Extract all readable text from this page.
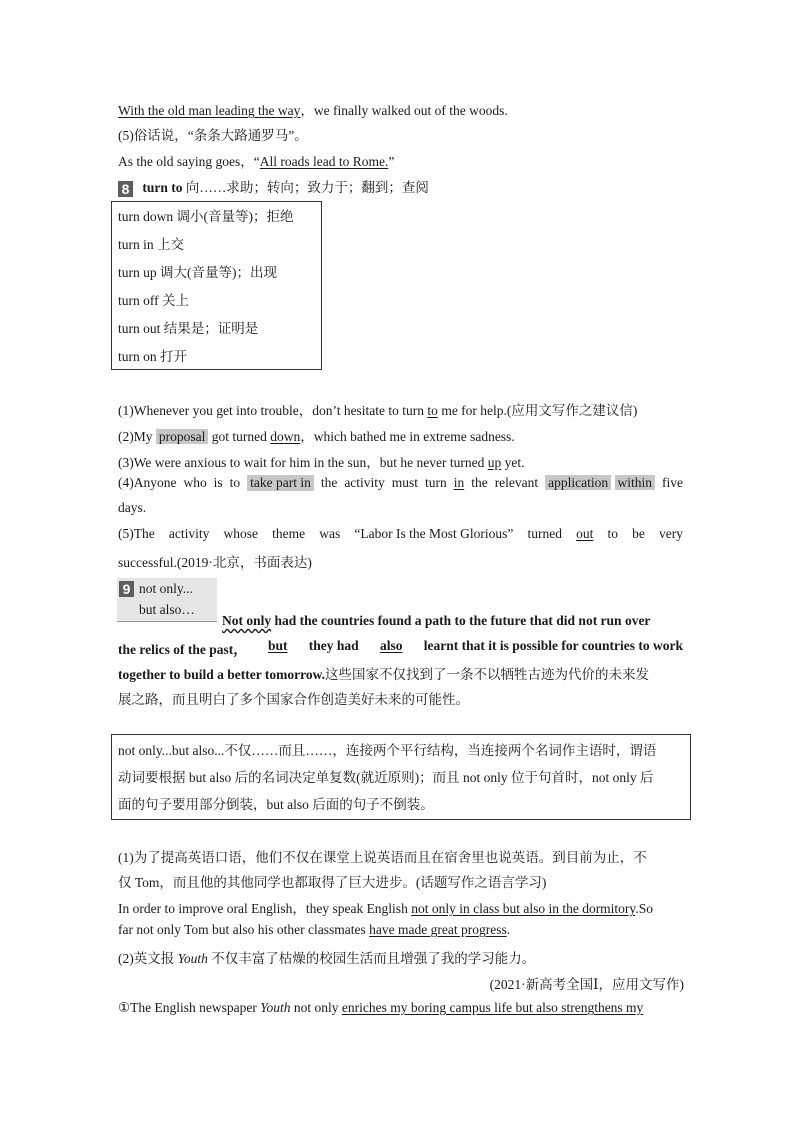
With the old man leading the way，we finally walked out of the woods.
(5)俗话说，“条条大路通罗马”。
As the old saying goes，“All roads lead to Rome.”
8 turn to 向……求助；转向；致力于；翻到；查阅
turn down 调小(音量等)；拒绝
turn in 上交
turn up 调大(音量等)；出现
turn off 关上
turn out 结果是；证明是
turn on 打开
(1)Whenever you get into trouble，don’t hesitate to turn to me for help.(应用文写作之建议信)
(2)My proposal got turned down，which bathed me in extreme sadness.
(3)We were anxious to wait for him in the sun，but he never turned up yet.
(4)Anyone who is to take part in the activity must turn in the relevant application within five
days.
(5)The activity whose theme was “Labor Is the Most Glorious” turned out to be very
successful.(2019·北京，书面表达)
9 not only...
but also…
Not only had the countries found a path to the future that did not run over
the relics of the past， but they had also learnt that it is possible for countries to work
together to build a better tomorrow.这些国家不仅找到了一条不以牺牲古迹为代价的未来发
展之路，而且明白了多个国家合作创造美好未来的可能性。
not only...but also...不仅……而且……，连接两个平行结构，当连接两个名词作主语时，谓语
动词要根据 but also 后的名词决定单复数(就近原则)；而且 not only 位于句首时，not only 后
面的句子要用部分倒装，but also 后面的句子不倒装。
(1)为了提高英语口语，他们不仅在课堂上说英语而且在宿舍里也说英语。到目前为止，不
仅 Tom，而且他的其他同学也都取得了巨大进步。(话题写作之语言学习)
In order to improve oral English，they speak English not only in class but also in the dormitory.So
far not only Tom but also his other classmates have made great progress.
(2)英文报 Youth 不仅丰富了枯燥的校园生活而且增强了我的学习能力。
(2021·新高考全国Ⅰ，应用文写作)
①The English newspaper Youth not only enriches my boring campus life but also strengthens my
